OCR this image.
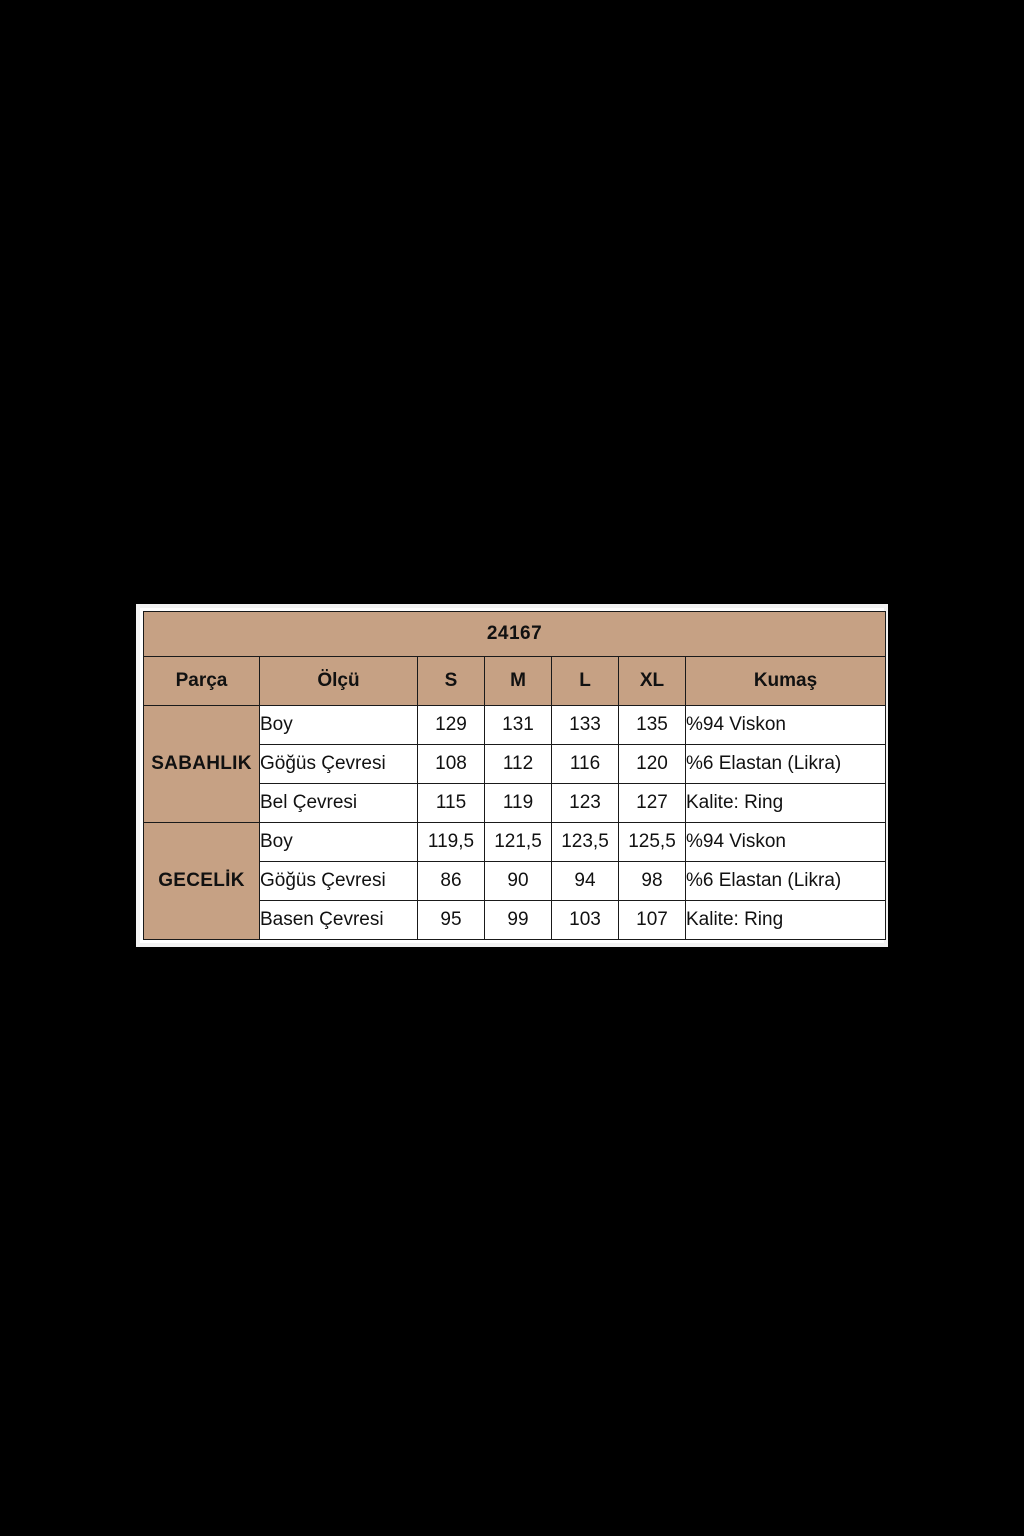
24167						
Parça	Ölçü	S	M	L	XL	Kumaş
SABAHLIK	Boy	129	131	133	135	%94 Viskon
	Göğüs Çevresi	108	112	116	120	%6 Elastan (Likra)
	Bel Çevresi	115	119	123	127	Kalite: Ring
GECELİK	Boy	119,5	121,5	123,5	125,5	%94 Viskon
	Göğüs Çevresi	86	90	94	98	%6 Elastan (Likra)
	Basen Çevresi	95	99	103	107	Kalite: Ring
